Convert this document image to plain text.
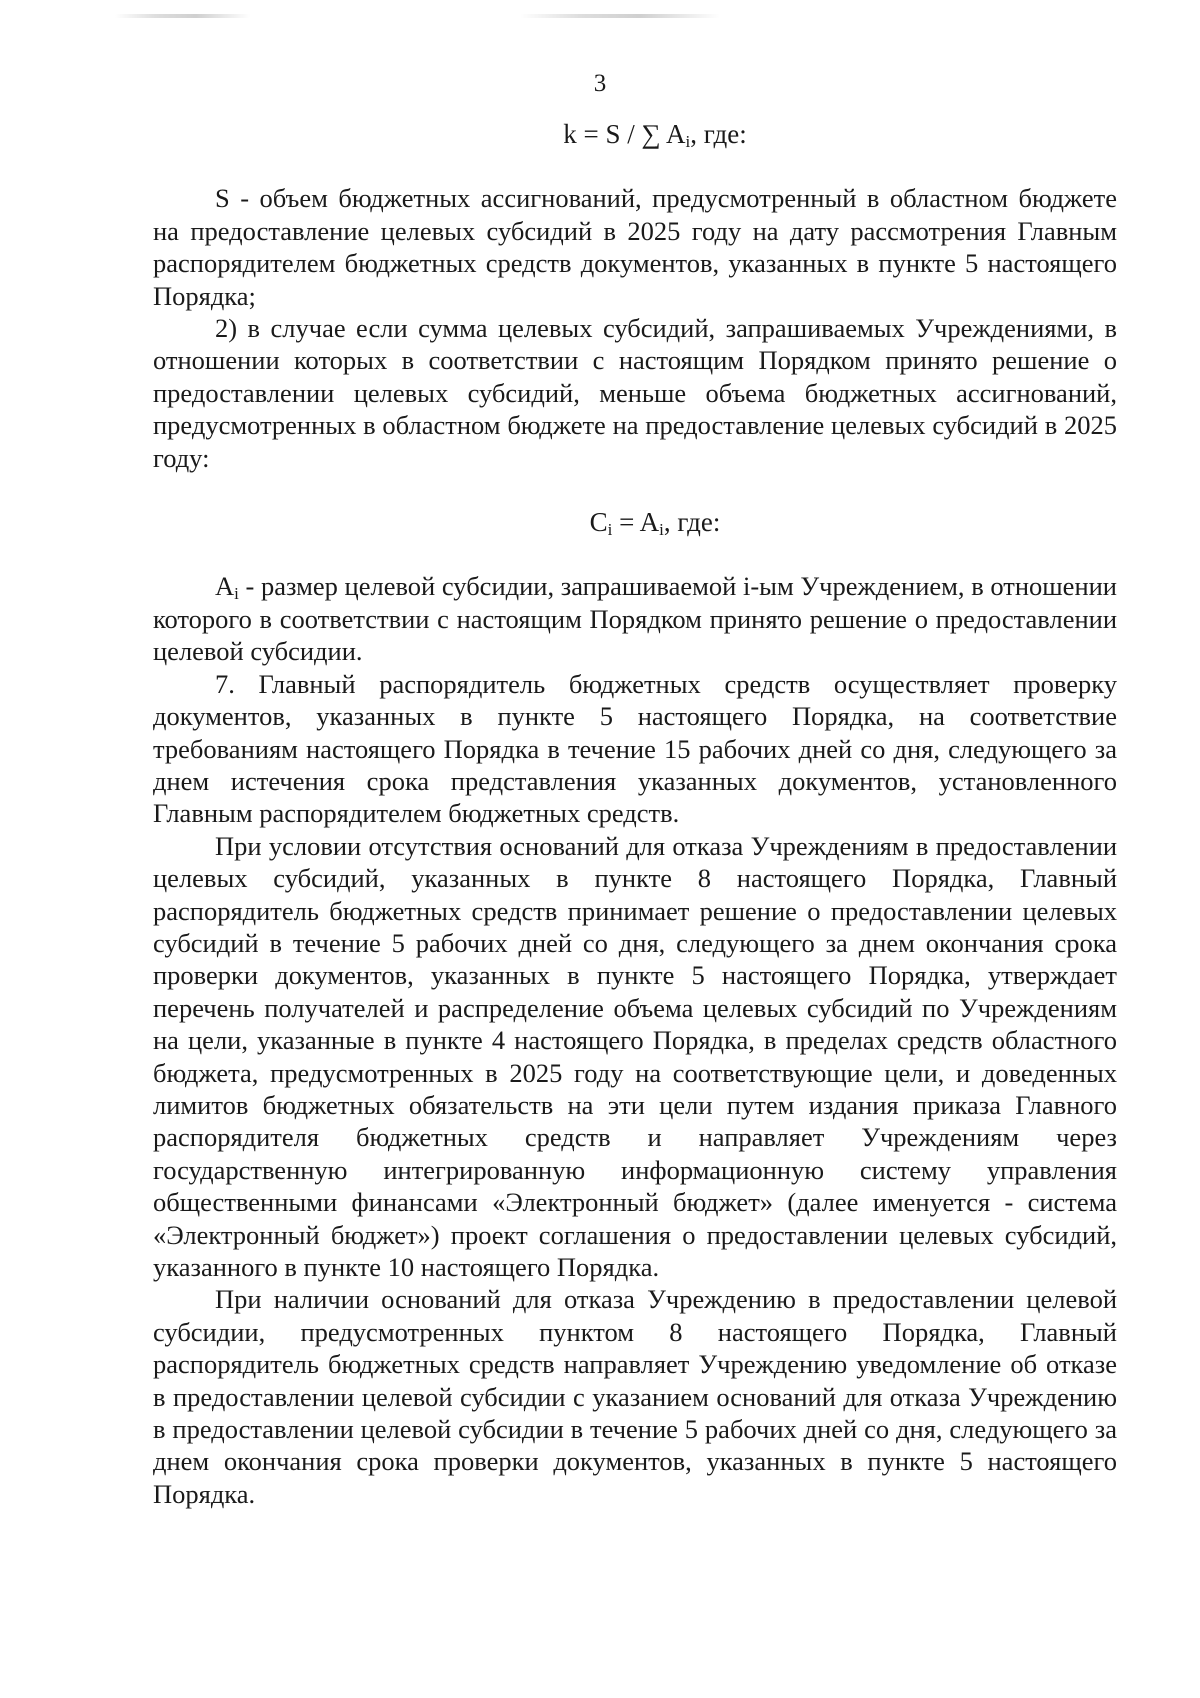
3

k = S / ∑ $A_i$, где:

S - объем бюджетных ассигнований, предусмотренный в областном бюджете на предоставление целевых субсидий в 2025 году на дату рассмотрения Главным распорядителем бюджетных средств документов, указанных в пункте 5 настоящего Порядка;

2) в случае если сумма целевых субсидий, запрашиваемых Учреждениями, в отношении которых в соответствии с настоящим Порядком принято решение о предоставлении целевых субсидий, меньше объема бюджетных ассигнований, предусмотренных в областном бюджете на предоставление целевых субсидий в 2025 году:

$C_i = A_i$, где:

$A_i$ - размер целевой субсидии, запрашиваемой i-ым Учреждением, в отношении которого в соответствии с настоящим Порядком принято решение о предоставлении целевой субсидии.

7. Главный распорядитель бюджетных средств осуществляет проверку документов, указанных в пункте 5 настоящего Порядка, на соответствие требованиям настоящего Порядка в течение 15 рабочих дней со дня, следующего за днем истечения срока представления указанных документов, установленного Главным распорядителем бюджетных средств.

При условии отсутствия оснований для отказа Учреждениям в предоставлении целевых субсидий, указанных в пункте 8 настоящего Порядка, Главный распорядитель бюджетных средств принимает решение о предоставлении целевых субсидий в течение 5 рабочих дней со дня, следующего за днем окончания срока проверки документов, указанных в пункте 5 настоящего Порядка, утверждает перечень получателей и распределение объема целевых субсидий по Учреждениям на цели, указанные в пункте 4 настоящего Порядка, в пределах средств областного бюджета, предусмотренных в 2025 году на соответствующие цели, и доведенных лимитов бюджетных обязательств на эти цели путем издания приказа Главного распорядителя бюджетных средств и направляет Учреждениям через государственную интегрированную информационную систему управления общественными финансами «Электронный бюджет» (далее именуется - система «Электронный бюджет») проект соглашения о предоставлении целевых субсидий, указанного в пункте 10 настоящего Порядка.

При наличии оснований для отказа Учреждению в предоставлении целевой субсидии, предусмотренных пунктом 8 настоящего Порядка, Главный распорядитель бюджетных средств направляет Учреждению уведомление об отказе в предоставлении целевой субсидии с указанием оснований для отказа Учреждению в предоставлении целевой субсидии в течение 5 рабочих дней со дня, следующего за днем окончания срока проверки документов, указанных в пункте 5 настоящего Порядка.
